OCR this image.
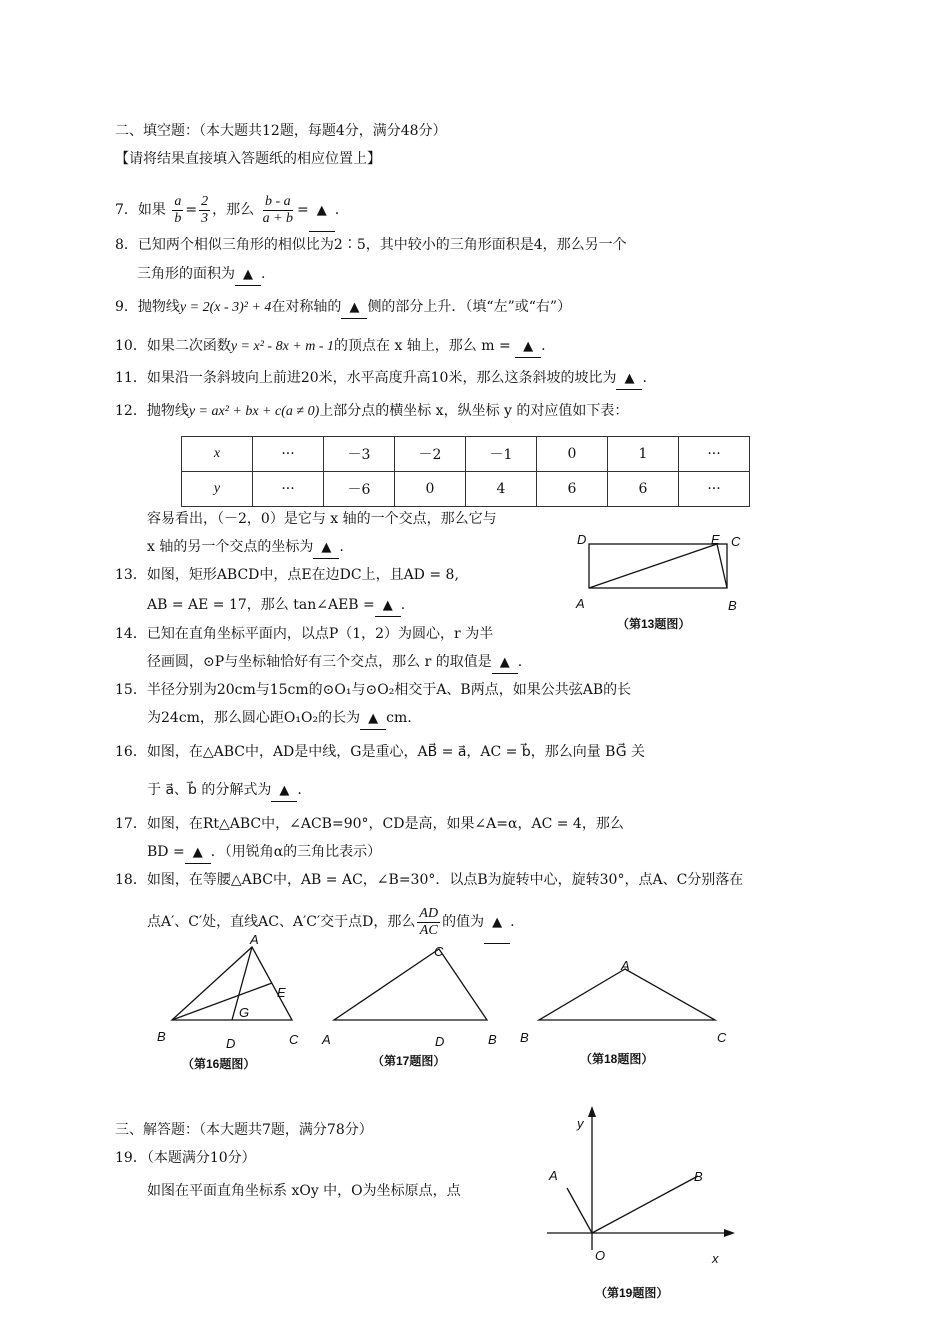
二、填空题：（本大题共12题，每题4分，满分48分）
【请将结果直接填入答题纸的相应位置上】
7．如果 $\frac{a}{b} = \frac{2}{3}$ ，那么 $\frac{b - a}{a + b}$ = ▲ .
8．已知两个相似三角形的相似比为2∶5，其中较小的三角形面积是4，那么另一个
三角形的面积为 ▲ .
9．抛物线y = 2(x - 3)² + 4在对称轴的 ▲ 侧的部分上升．（填“左”或“右”）
10．如果二次函数y = x² - 8x + m - 1的顶点在 x 轴上，那么 m = ▲ .
11．如果沿一条斜坡向上前进20米，水平高度升高10米，那么这条斜坡的坡比为 ▲ .
12．抛物线y = ax² + bx + c(a ≠ 0)上部分点的横坐标 x，纵坐标 y 的对应值如下表：
x	···	－3	－2	－1	0	1	···
y	···	－6	0	4	6	6	···
容易看出，（－2，0）是它与 x 轴的一个交点，那么它与
x 轴的另一个交点的坐标为 ▲ .
13．如图，矩形ABCD中，点E在边DC上，且AD = 8,
AB = AE = 17，那么 tan∠AEB = ▲ .
D	E C
A	B
（第13题图）
14．已知在直角坐标平面内，以点P（1，2）为圆心，r 为半
径画圆，⊙P与坐标轴恰好有三个交点，那么 r 的取值是 ▲ .
15．半径分别为20cm与15cm的⊙O₁与⊙O₂相交于A、B两点，如果公共弦AB的长
为24cm，那么圆心距O₁O₂的长为 ▲ cm.
16．如图，在△ABC中，AD是中线，G是重心，AB⃗ = a⃗，AC = b⃗，那么向量 BG⃗ 关
于 a⃗、b⃗ 的分解式为 ▲ .
17．如图，在Rt△ABC中，∠ACB=90°，CD是高，如果∠A=α，AC = 4，那么
BD = ▲ ．（用锐角α的三角比表示）
18．如图，在等腰△ABC中，AB = AC，∠B=30°．以点B为旋转中心，旋转30°，点A、C分别落在
点A′、C′处，直线AC、A′C′交于点D，那么 $\frac{AD}{AC}$ 的值为 ▲ .
A
E
G
B	D	C
（第16题图）
C
A	D	B
（第17题图）
A
B	C
（第18题图）
三、解答题：（本大题共7题，满分78分）
19．（本题满分10分）
如图在平面直角坐标系 xOy 中，O为坐标原点，点
y
A	B
O	x
（第19题图）
